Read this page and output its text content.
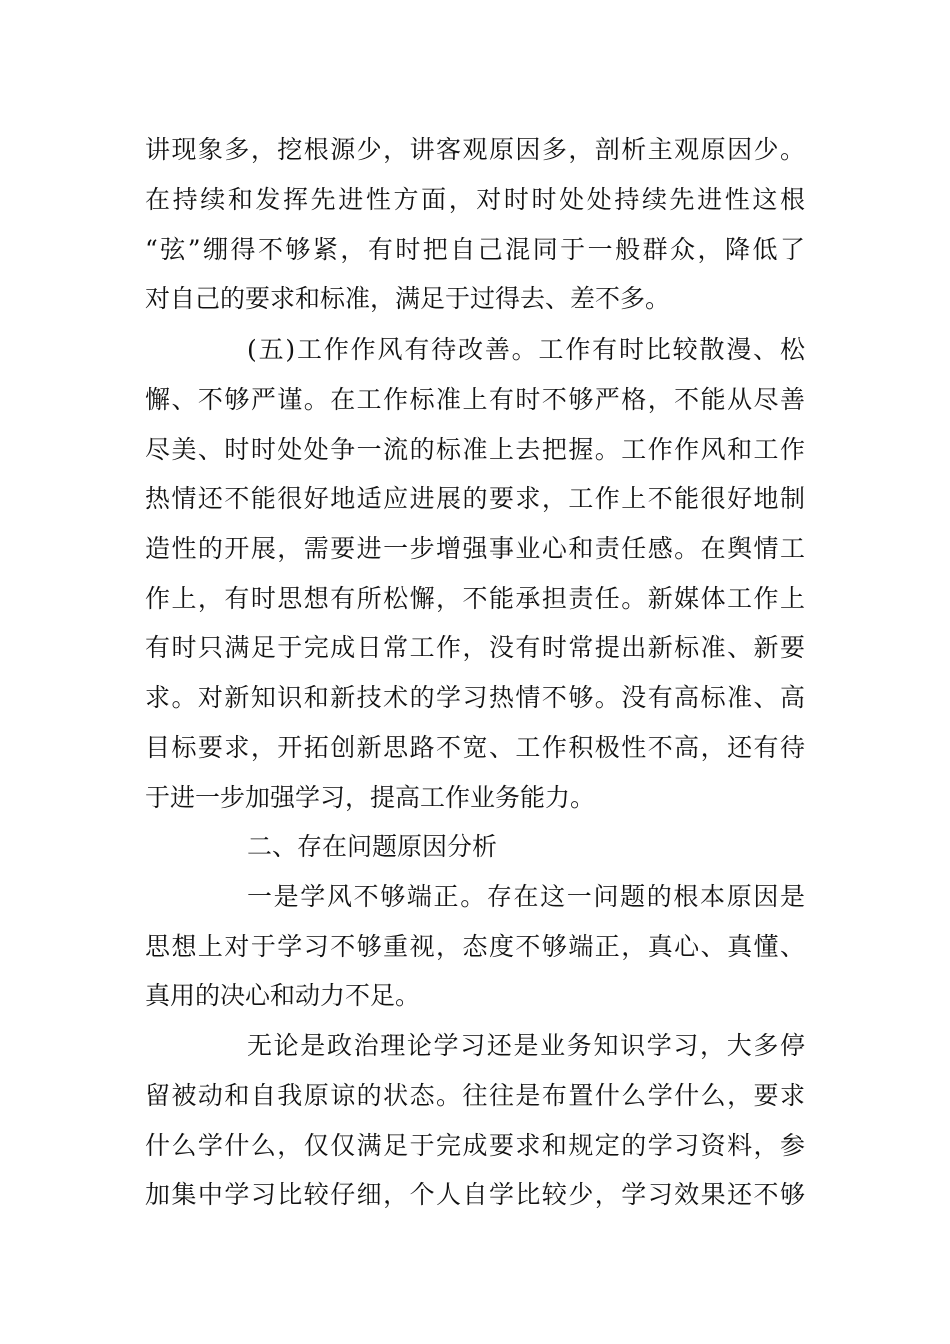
讲现象多，挖根源少，讲客观原因多，剖析主观原因少。
在持续和发挥先进性方面，对时时处处持续先进性这根
“弦”绷得不够紧，有时把自己混同于一般群众，降低了
对自己的要求和标准，满足于过得去、差不多。
(五)工作作风有待改善。工作有时比较散漫、松
懈、不够严谨。在工作标准上有时不够严格，不能从尽善
尽美、时时处处争一流的标准上去把握。工作作风和工作
热情还不能很好地适应进展的要求，工作上不能很好地制
造性的开展，需要进一步增强事业心和责任感。在舆情工
作上，有时思想有所松懈，不能承担责任。新媒体工作上
有时只满足于完成日常工作，没有时常提出新标准、新要
求。对新知识和新技术的学习热情不够。没有高标准、高
目标要求，开拓创新思路不宽、工作积极性不高，还有待
于进一步加强学习，提高工作业务能力。
二、存在问题原因分析
一是学风不够端正。存在这一问题的根本原因是
思想上对于学习不够重视，态度不够端正，真心、真懂、
真用的决心和动力不足。
无论是政治理论学习还是业务知识学习，大多停
留被动和自我原谅的状态。往往是布置什么学什么，要求
什么学什么，仅仅满足于完成要求和规定的学习资料，参
加集中学习比较仔细，个人自学比较少，学习效果还不够
